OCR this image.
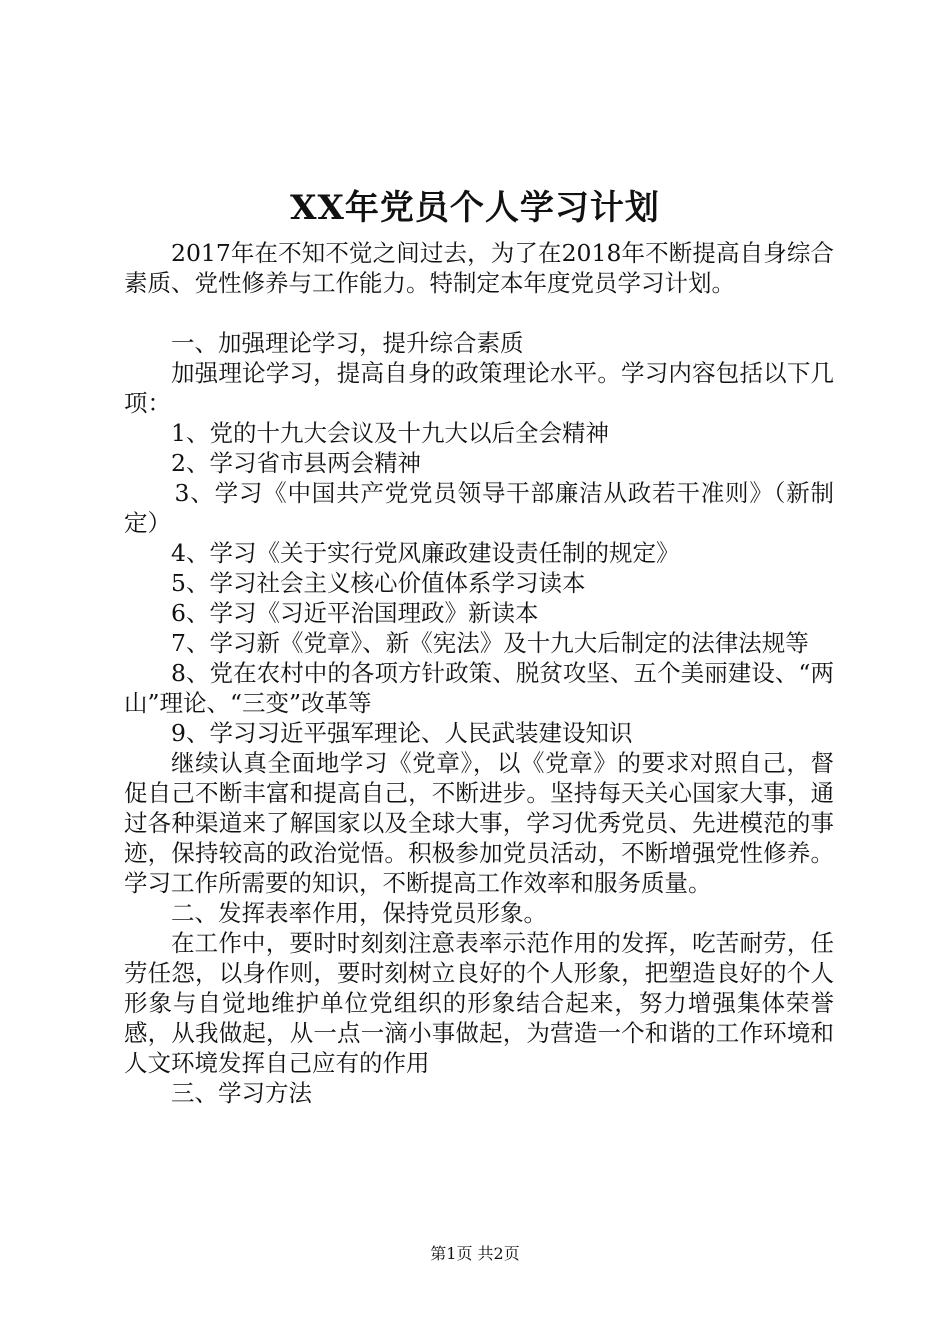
XX年党员个人学习计划

2017年在不知不觉之间过去，为了在2018年不断提高自身综合素质、党性修养与工作能力。特制定本年度党员学习计划。

一、加强理论学习，提升综合素质

加强理论学习，提高自身的政策理论水平。学习内容包括以下几项：

1、党的十九大会议及十九大以后全会精神

2、学习省市县两会精神

3、学习《中国共产党党员领导干部廉洁从政若干准则》（新制定）

4、学习《关于实行党风廉政建设责任制的规定》

5、学习社会主义核心价值体系学习读本

6、学习《习近平治国理政》新读本

7、学习新《党章》、新《宪法》及十九大后制定的法律法规等

8、党在农村中的各项方针政策、脱贫攻坚、五个美丽建设、“两山”理论、“三变”改革等

9、学习习近平强军理论、人民武装建设知识

继续认真全面地学习《党章》，以《党章》的要求对照自己，督促自己不断丰富和提高自己，不断进步。坚持每天关心国家大事，通过各种渠道来了解国家以及全球大事，学习优秀党员、先进模范的事迹，保持较高的政治觉悟。积极参加党员活动，不断增强党性修养。学习工作所需要的知识，不断提高工作效率和服务质量。

二、发挥表率作用，保持党员形象。

在工作中，要时时刻刻注意表率示范作用的发挥，吃苦耐劳，任劳任怨，以身作则，要时刻树立良好的个人形象，把塑造良好的个人形象与自觉地维护单位党组织的形象结合起来，努力增强集体荣誉感，从我做起，从一点一滴小事做起，为营造一个和谐的工作环境和人文环境发挥自己应有的作用

三、学习方法

第1页 共2页
